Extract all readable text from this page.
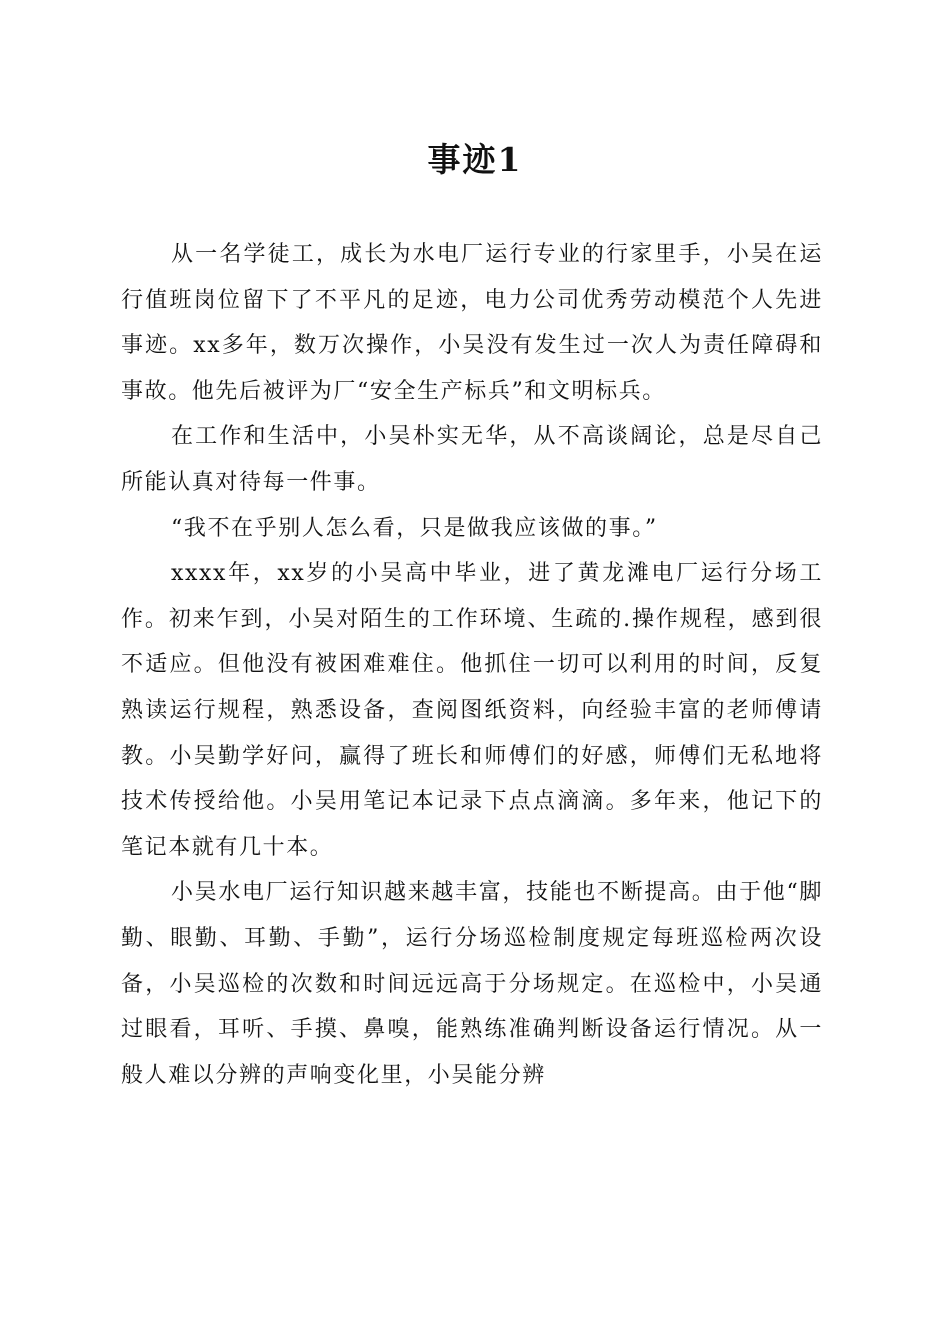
事迹1

从一名学徒工，成长为水电厂运行专业的行家里手，小吴在运行值班岗位留下了不平凡的足迹，电力公司优秀劳动模范个人先进事迹。xx多年，数万次操作，小吴没有发生过一次人为责任障碍和事故。他先后被评为厂“安全生产标兵”和文明标兵。

在工作和生活中，小吴朴实无华，从不高谈阔论，总是尽自己所能认真对待每一件事。

“我不在乎别人怎么看，只是做我应该做的事。”

xxxx年，xx岁的小吴高中毕业，进了黄龙滩电厂运行分场工作。初来乍到，小吴对陌生的工作环境、生疏的.操作规程，感到很不适应。但他没有被困难难住。他抓住一切可以利用的时间，反复熟读运行规程，熟悉设备，查阅图纸资料，向经验丰富的老师傅请教。小吴勤学好问，赢得了班长和师傅们的好感，师傅们无私地将技术传授给他。小吴用笔记本记录下点点滴滴。多年来，他记下的笔记本就有几十本。

小吴水电厂运行知识越来越丰富，技能也不断提高。由于他“脚勤、眼勤、耳勤、手勤”，运行分场巡检制度规定每班巡检两次设备，小吴巡检的次数和时间远远高于分场规定。在巡检中，小吴通过眼看，耳听、手摸、鼻嗅，能熟练准确判断设备运行情况。从一般人难以分辨的声响变化里，小吴能分辨
